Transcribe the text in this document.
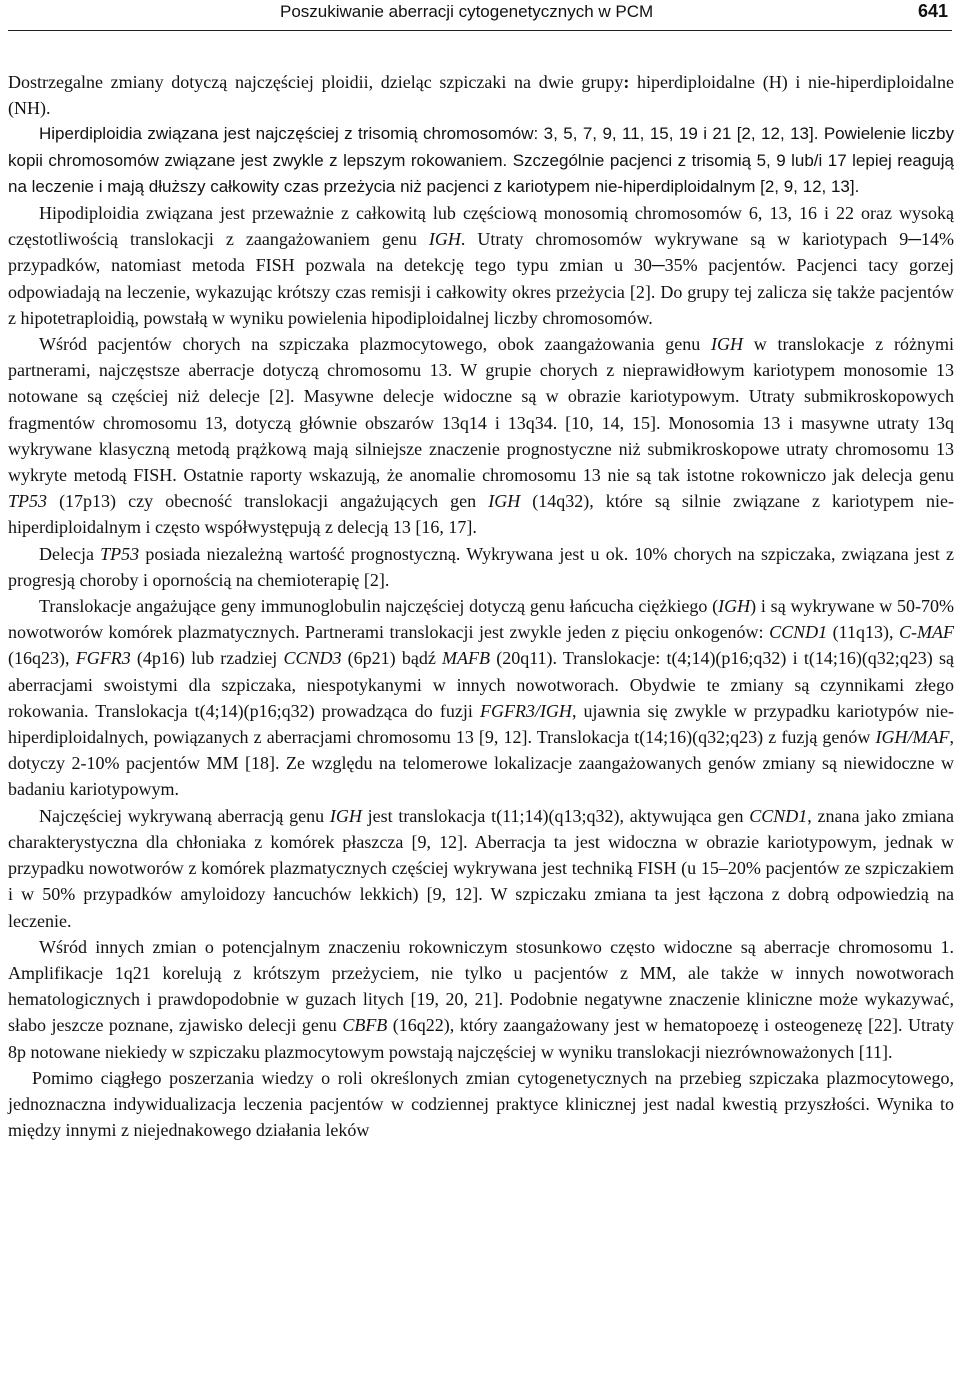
Poszukiwanie aberracji cytogenetycznych w PCM	641

Dostrzegalne zmiany dotyczą najczęściej ploidii, dzieląc szpiczaki na dwie grupy: hiperdiploidalne (H) i nie-hiperdiploidalne (NH).

Hiperdiploidia związana jest najczęściej z trisomią chromosomów: 3, 5, 7, 9, 11, 15, 19 i 21 [2, 12, 13]. Powielenie liczby kopii chromosomów związane jest zwykle z lepszym rokowaniem. Szczególnie pacjenci z trisomią 5, 9 lub/i 17 lepiej reagują na leczenie i mają dłuższy całkowity czas przeżycia niż pacjenci z kariotypem nie-hiperdiploidalnym [2, 9, 12, 13].

Hipodiploidia związana jest przeważnie z całkowitą lub częściową monosomią chromosomów 6, 13, 16 i 22 oraz wysoką częstotliwością translokacji z zaangażowaniem genu IGH. Utraty chromosomów wykrywane są w kariotypach 9─14% przypadków, natomiast metoda FISH pozwala na detekcję tego typu zmian u 30─35% pacjentów. Pacjenci tacy gorzej odpowiadają na leczenie, wykazując krótszy czas remisji i całkowity okres przeżycia [2]. Do grupy tej zalicza się także pacjentów z hipotetraploidią, powstałą w wyniku powielenia hipodiploidalnej liczby chromosomów.

Wśród pacjentów chorych na szpiczaka plazmocytowego, obok zaangażowania genu IGH w translokacje z różnymi partnerami, najczęstsze aberracje dotyczą chromosomu 13. W grupie chorych z nieprawidłowym kariotypem monosomie 13 notowane są częściej niż delecje [2]. Masywne delecje widoczne są w obrazie kariotypowym. Utraty submikroskopowych fragmentów chromosomu 13, dotyczą głównie obszarów 13q14 i 13q34. [10, 14, 15]. Monosomia 13 i masywne utraty 13q wykrywane klasyczną metodą prążkową mają silniejsze znaczenie prognostyczne niż submikroskopowe utraty chromosomu 13 wykryte metodą FISH. Ostatnie raporty wskazują, że anomalie chromosomu 13 nie są tak istotne rokowniczo jak delecja genu TP53 (17p13) czy obecność translokacji angażujących gen IGH (14q32), które są silnie związane z kariotypem nie-hiperdiploidalnym i często współwystępują z delecją 13 [16, 17].

Delecja TP53 posiada niezależną wartość prognostyczną. Wykrywana jest u ok. 10% chorych na szpiczaka, związana jest z progresją choroby i opornością na chemioterapię [2].

Translokacje angażujące geny immunoglobulin najczęściej dotyczą genu łańcucha ciężkiego (IGH) i są wykrywane w 50-70% nowotworów komórek plazmatycznych. Partnerami translokacji jest zwykle jeden z pięciu onkogenów: CCND1 (11q13), C-MAF (16q23), FGFR3 (4p16) lub rzadziej CCND3 (6p21) bądź MAFB (20q11). Translokacje: t(4;14)(p16;q32) i t(14;16)(q32;q23) są aberracjami swoistymi dla szpiczaka, niespotykanymi w innych nowotworach. Obydwie te zmiany są czynnikami złego rokowania. Translokacja t(4;14)(p16;q32) prowadząca do fuzji FGFR3/IGH, ujawnia się zwykle w przypadku kariotypów nie-hiperdiploidalnych, powiązanych z aberracjami chromosomu 13 [9, 12]. Translokacja t(14;16)(q32;q23) z fuzją genów IGH/MAF, dotyczy 2-10% pacjentów MM [18]. Ze względu na telomerowe lokalizacje zaangażowanych genów zmiany są niewidoczne w badaniu kariotypowym.

Najczęściej wykrywaną aberracją genu IGH jest translokacja t(11;14)(q13;q32), aktywująca gen CCND1, znana jako zmiana charakterystyczna dla chłoniaka z komórek płaszcza [9, 12]. Aberracja ta jest widoczna w obrazie kariotypowym, jednak w przypadku nowotworów z komórek plazmatycznych częściej wykrywana jest techniką FISH (u 15–20% pacjentów ze szpiczakiem i w 50% przypadków amyloidozy łancuchów lekkich) [9, 12]. W szpiczaku zmiana ta jest łączona z dobrą odpowiedzią na leczenie.

Wśród innych zmian o potencjalnym znaczeniu rokowniczym stosunkowo często widoczne są aberracje chromosomu 1. Amplifikacje 1q21 korelują z krótszym przeżyciem, nie tylko u pacjentów z MM, ale także w innych nowotworach hematologicznych i prawdopodobnie w guzach litych [19, 20, 21]. Podobnie negatywne znaczenie kliniczne może wykazywać, słabo jeszcze poznane, zjawisko delecji genu CBFB (16q22), który zaangażowany jest w hematopoezę i osteogenezę [22]. Utraty 8p notowane niekiedy w szpiczaku plazmocytowym powstają najczęściej w wyniku translokacji niezrównoważonych [11].

Pomimo ciągłego poszerzania wiedzy o roli określonych zmian cytogenetycznych na przebieg szpiczaka plazmocytowego, jednoznaczna indywidualizacja leczenia pacjentów w codziennej praktyce klinicznej jest nadal kwestią przyszłości. Wynika to między innymi z niejednakowego działania leków
